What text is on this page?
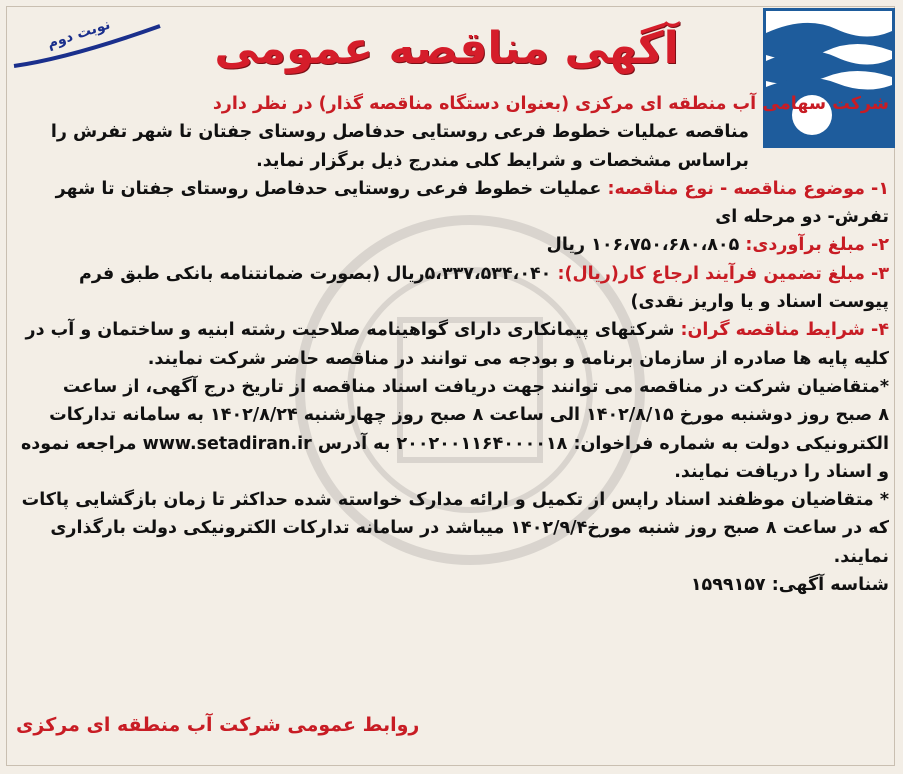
نوبت دوم	آگهی مناقصه عمومی
شرکت سهامی آب منطقه ای مرکزی (بعنوان دستگاه مناقصه گذار) در نظر دارد
مناقصه عملیات خطوط فرعی روستایی حدفاصل روستای جفتان تا شهر تفرش را
براساس مشخصات و شرایط کلی مندرج ذیل برگزار نماید.
۱- موضوع مناقصه - نوع مناقصه: عملیات خطوط فرعی روستایی حدفاصل روستای جفتان تا شهر
تفرش- دو مرحله ای
۲- مبلغ برآوردی: ۱۰۶،۷۵۰،۶۸۰،۸۰۵ ریال
۳- مبلغ تضمین فرآیند ارجاع کار(ریال): ۵،۳۳۷،۵۳۴،۰۴۰ریال (بصورت ضمانتنامه بانکی طبق فرم
پیوست اسناد و یا واریز نقدی)
۴- شرایط مناقصه گران: شرکتهای پیمانکاری دارای گواهینامه صلاحیت رشته ابنیه و ساختمان و آب در
کلیه پایه ها صادره از سازمان برنامه و بودجه می توانند در مناقصه حاضر شرکت نمایند.
*متقاضیان شرکت در مناقصه می توانند جهت دریافت اسناد مناقصه از تاریخ درج آگهی، از ساعت
۸ صبح روز دوشنبه مورخ ۱۴۰۲/۸/۱۵ الی ساعت ۸ صبح روز چهارشنبه ۱۴۰۲/۸/۲۴ به سامانه تدارکات
الکترونیکی دولت به شماره فراخوان: ۲۰۰۲۰۰۱۱۶۴۰۰۰۰۱۸ به آدرس www.setadiran.ir مراجعه نموده
و اسناد را دریافت نمایند.
* متقاضیان موظفند اسناد راپس از تکمیل و ارائه مدارک خواسته شده حداکثر تا زمان بازگشایی پاکات
که در ساعت ۸ صبح روز شنبه مورخ۱۴۰۲/۹/۴ میباشد در سامانه تدارکات الکترونیکی دولت بارگذاری
نمایند.
شناسه آگهی: ۱۵۹۹۱۵۷
روابط عمومی شرکت آب منطقه ای مرکزی
